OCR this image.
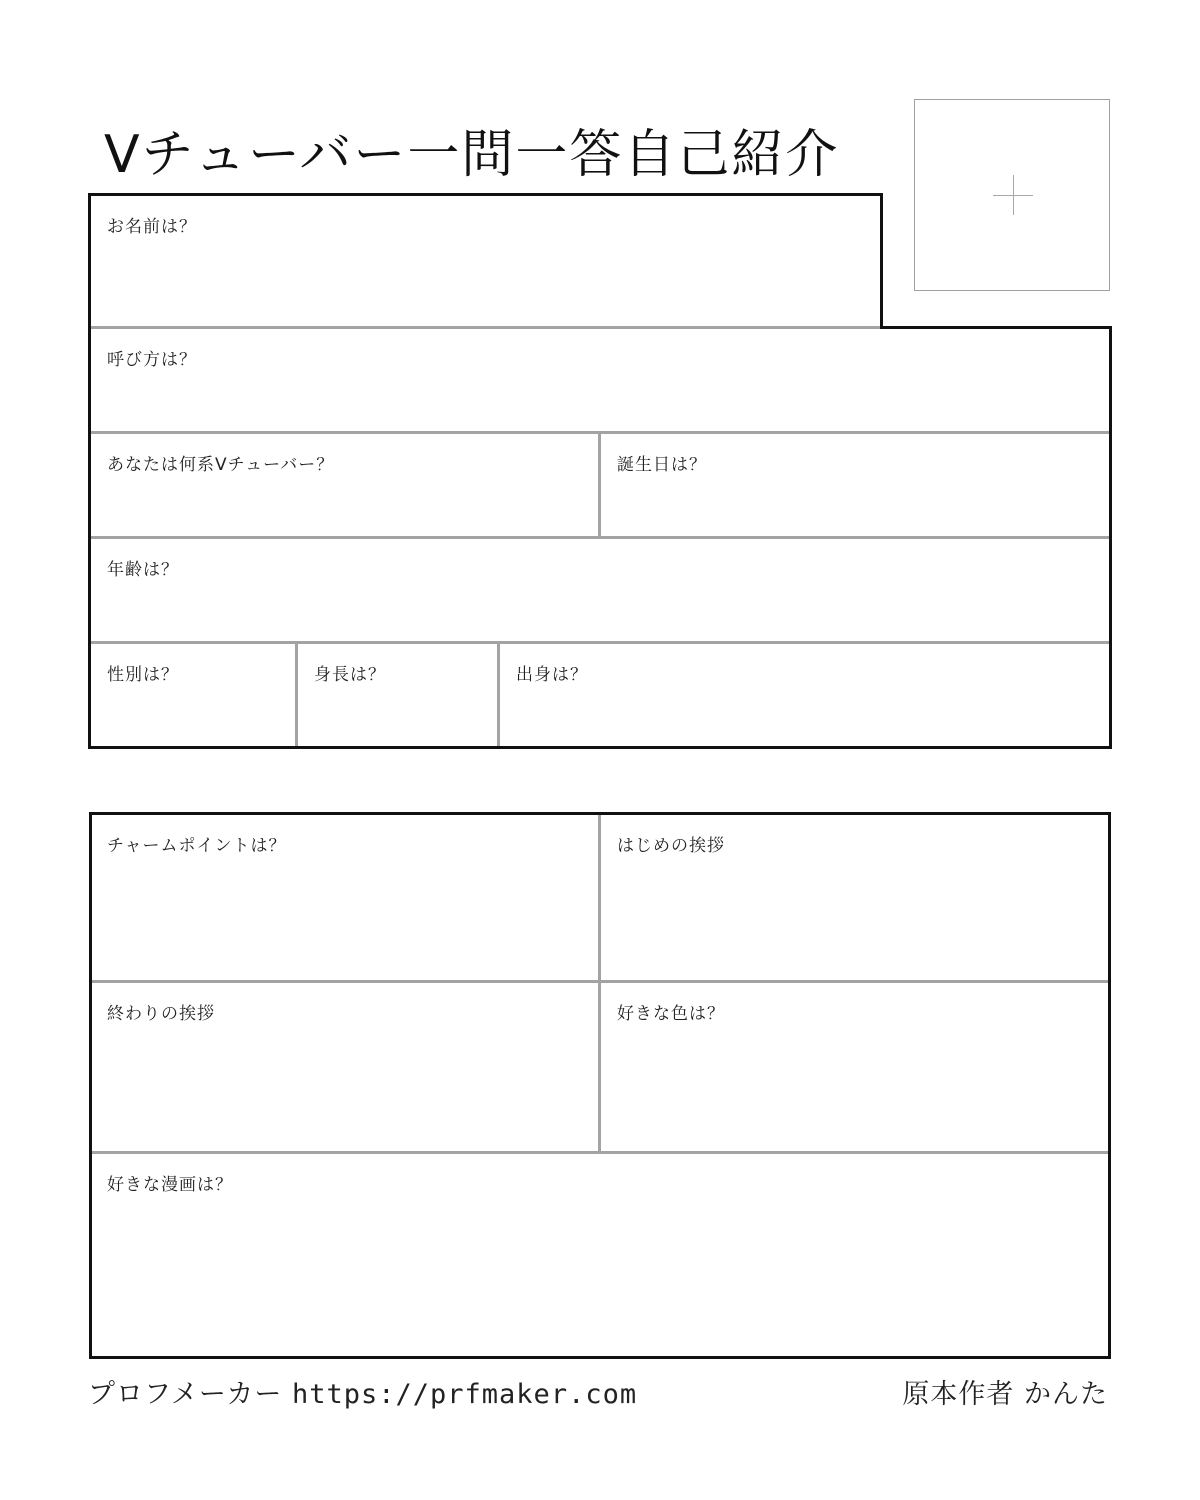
Vチューバー一問一答自己紹介
お名前は？
呼び方は？
あなたは何系Vチューバー？	誕生日は？
年齢は？
性別は？	身長は？	出身は？
チャームポイントは？	はじめの挨拶
終わりの挨拶	好きな色は？
好きな漫画は？
プロフメーカー https://prfmaker.com	原本作者 かんた
